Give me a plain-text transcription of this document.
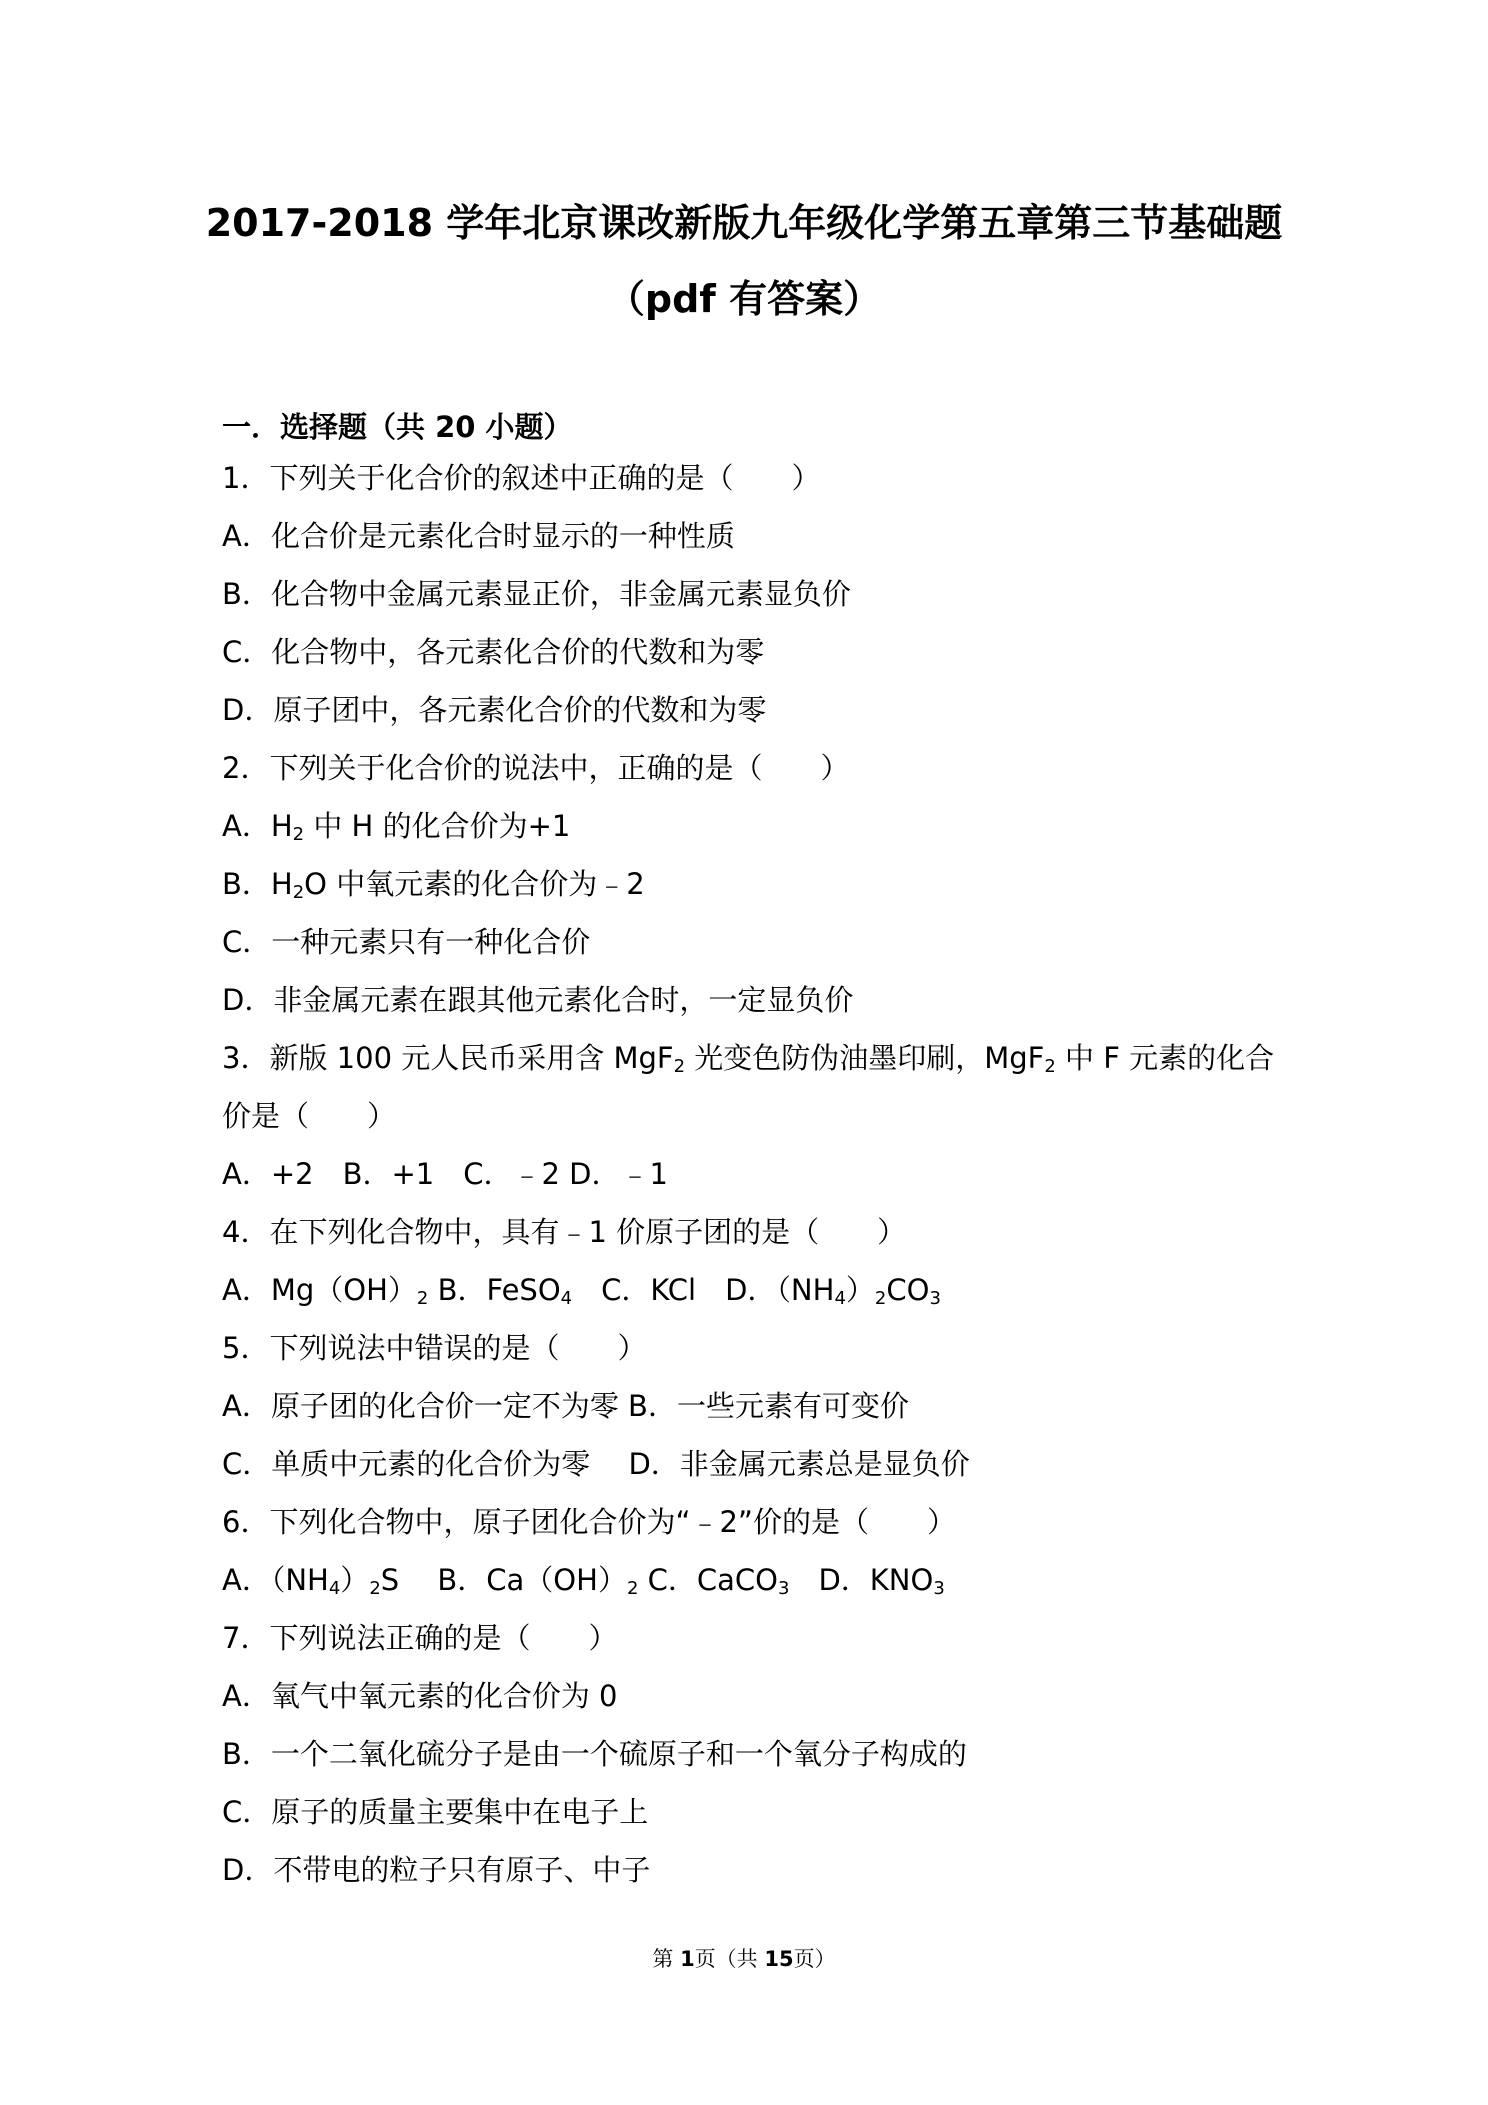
2017-2018 学年北京课改新版九年级化学第五章第三节基础题
（pdf 有答案）
一．选择题（共 20 小题）
1．下列关于化合价的叙述中正确的是（　　）
A．化合价是元素化合时显示的一种性质
B．化合物中金属元素显正价，非金属元素显负价
C．化合物中，各元素化合价的代数和为零
D．原子团中，各元素化合价的代数和为零
2．下列关于化合价的说法中，正确的是（　　）
A．$H_2$ 中 H 的化合价为+1
B．$H_2O$ 中氧元素的化合价为﹣2
C．一种元素只有一种化合价
D．非金属元素在跟其他元素化合时，一定显负价
3．新版 100 元人民币采用含 MgF$_2$ 光变色防伪油墨印刷，MgF$_2$ 中 F 元素的化合
价是（　　）
A．+2　B．+1　C．﹣2 D．﹣1
4．在下列化合物中，具有﹣1 价原子团的是（　　）
A．$Mg(OH)_2$ B．FeSO$_4$　C．KCl　D．$(NH_4)_2CO_3$
5．下列说法中错误的是（　　）
A．原子团的化合价一定不为零 B．一些元素有可变价
C．单质中元素的化合价为零　 D．非金属元素总是显负价
6．下列化合物中，原子团化合价为“﹣2”价的是（　　）
A．$(NH_4)_2S$　 B．$Ca(OH)_2$ C．CaCO$_3$　D．$KNO_3$
7．下列说法正确的是（　　）
A．氧气中氧元素的化合价为 0
B．一个二氧化硫分子是由一个硫原子和一个氧分子构成的
C．原子的质量主要集中在电子上
D．不带电的粒子只有原子、中子
第 1页（共 15页）
